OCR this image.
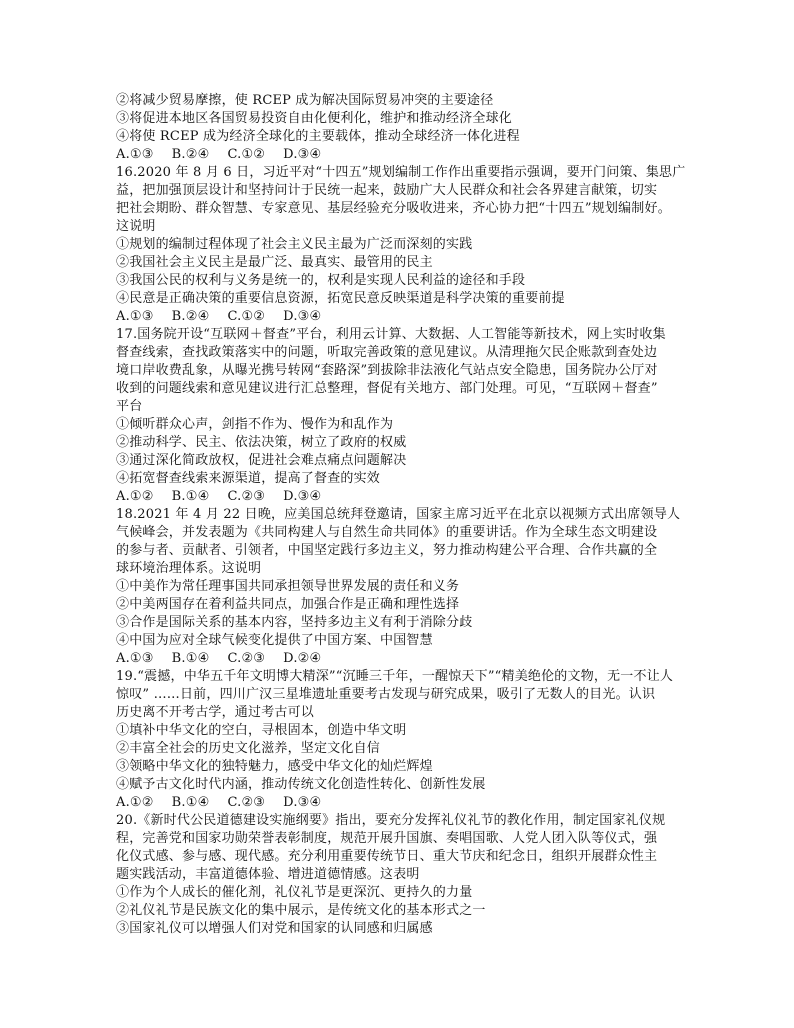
②将减少贸易摩擦，使 RCEP 成为解决国际贸易冲突的主要途径
③将促进本地区各国贸易投资自由化便利化，维护和推动经济全球化
④将使 RCEP 成为经济全球化的主要载体，推动全球经济一体化进程
A.①③ B.②④ C.①② D.③④
16.2020 年 8 月 6 日，习近平对“十四五”规划编制工作作出重要指示强调，要开门问策、集思广
益，把加强顶层设计和坚持问计于民统一起来，鼓励广大人民群众和社会各界建言献策，切实
把社会期盼、群众智慧、专家意见、基层经验充分吸收进来，齐心协力把“十四五”规划编制好。
这说明
①规划的编制过程体现了社会主义民主最为广泛而深刻的实践
②我国社会主义民主是最广泛、最真实、最管用的民主
③我国公民的权利与义务是统一的，权利是实现人民利益的途径和手段
④民意是正确决策的重要信息资源，拓宽民意反映渠道是科学决策的重要前提
A.①③ B.②④ C.①② D.③④
17.国务院开设“互联网＋督查”平台，利用云计算、大数据、人工智能等新技术，网上实时收集
督查线索，查找政策落实中的问题，听取完善政策的意见建议。从清理拖欠民企账款到查处边
境口岸收费乱象，从曝光携号转网“套路深”到拔除非法液化气站点安全隐患，国务院办公厅对
收到的问题线索和意见建议进行汇总整理，督促有关地方、部门处理。可见，“互联网＋督查”
平台
①倾听群众心声，剑指不作为、慢作为和乱作为
②推动科学、民主、依法决策，树立了政府的权威
③通过深化简政放权，促进社会难点痛点问题解决
④拓宽督查线索来源渠道，提高了督查的实效
A.①② B.①④ C.②③ D.③④
18.2021 年 4 月 22 日晚，应美国总统拜登邀请，国家主席习近平在北京以视频方式出席领导人
气候峰会，并发表题为《共同构建人与自然生命共同体》的重要讲话。作为全球生态文明建设
的参与者、贡献者、引领者，中国坚定践行多边主义，努力推动构建公平合理、合作共赢的全
球环境治理体系。这说明
①中美作为常任理事国共同承担领导世界发展的责任和义务
②中美两国存在着利益共同点，加强合作是正确和理性选择
③合作是国际关系的基本内容，坚持多边主义有利于消除分歧
④中国为应对全球气候变化提供了中国方案、中国智慧
A.①③ B.①④ C.②③ D.②④
19.“震撼，中华五千年文明博大精深”“沉睡三千年，一醒惊天下”“精美绝伦的文物，无一不让人
惊叹” ……日前，四川广汉三星堆遗址重要考古发现与研究成果，吸引了无数人的目光。认识
历史离不开考古学，通过考古可以
①填补中华文化的空白，寻根固本，创造中华文明
②丰富全社会的历史文化滋养，坚定文化自信
③领略中华文化的独特魅力，感受中华文化的灿烂辉煌
④赋予古文化时代内涵，推动传统文化创造性转化、创新性发展
A.①② B.①④ C.②③ D.③④
20.《新时代公民道德建设实施纲要》指出，要充分发挥礼仪礼节的教化作用，制定国家礼仪规
程，完善党和国家功勋荣誉表彰制度，规范开展升国旗、奏唱国歌、人党人团入队等仪式，强
化仪式感、参与感、现代感。充分利用重要传统节日、重大节庆和纪念日，组织开展群众性主
题实践活动，丰富道德体验、增进道德情感。这表明
①作为个人成长的催化剂，礼仪礼节是更深沉、更持久的力量
②礼仪礼节是民族文化的集中展示，是传统文化的基本形式之一
③国家礼仪可以增强人们对党和国家的认同感和归属感
